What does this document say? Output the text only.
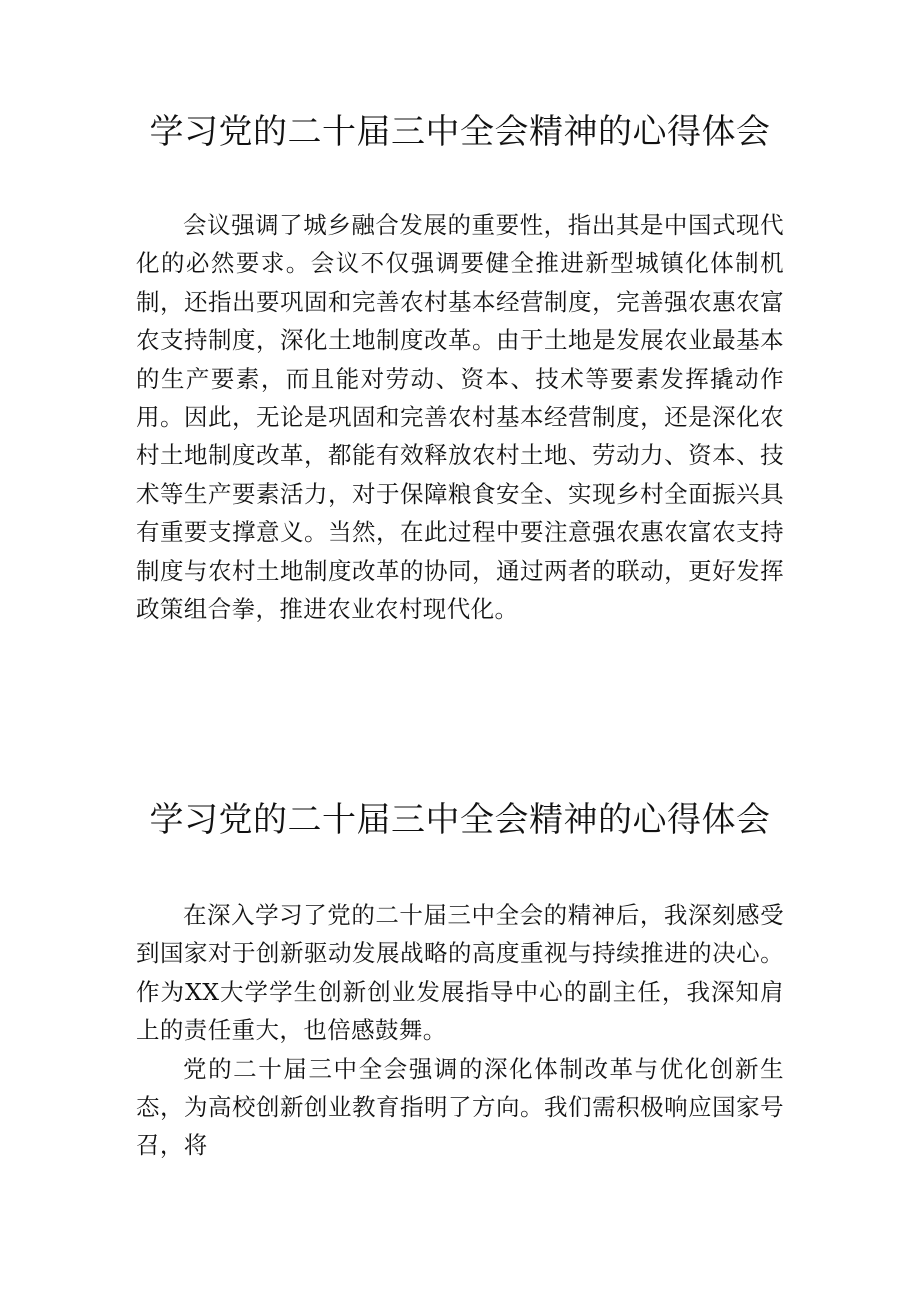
学习党的二十届三中全会精神的心得体会

会议强调了城乡融合发展的重要性，指出其是中国式现代化的必然要求。会议不仅强调要健全推进新型城镇化体制机制，还指出要巩固和完善农村基本经营制度，完善强农惠农富农支持制度，深化土地制度改革。由于土地是发展农业最基本的生产要素，而且能对劳动、资本、技术等要素发挥撬动作用。因此，无论是巩固和完善农村基本经营制度，还是深化农村土地制度改革，都能有效释放农村土地、劳动力、资本、技术等生产要素活力，对于保障粮食安全、实现乡村全面振兴具有重要支撑意义。当然，在此过程中要注意强农惠农富农支持制度与农村土地制度改革的协同，通过两者的联动，更好发挥政策组合拳，推进农业农村现代化。

学习党的二十届三中全会精神的心得体会

在深入学习了党的二十届三中全会的精神后，我深刻感受到国家对于创新驱动发展战略的高度重视与持续推进的决心。作为XX大学学生创新创业发展指导中心的副主任，我深知肩上的责任重大，也倍感鼓舞。

党的二十届三中全会强调的深化体制改革与优化创新生态，为高校创新创业教育指明了方向。我们需积极响应国家号召，将
